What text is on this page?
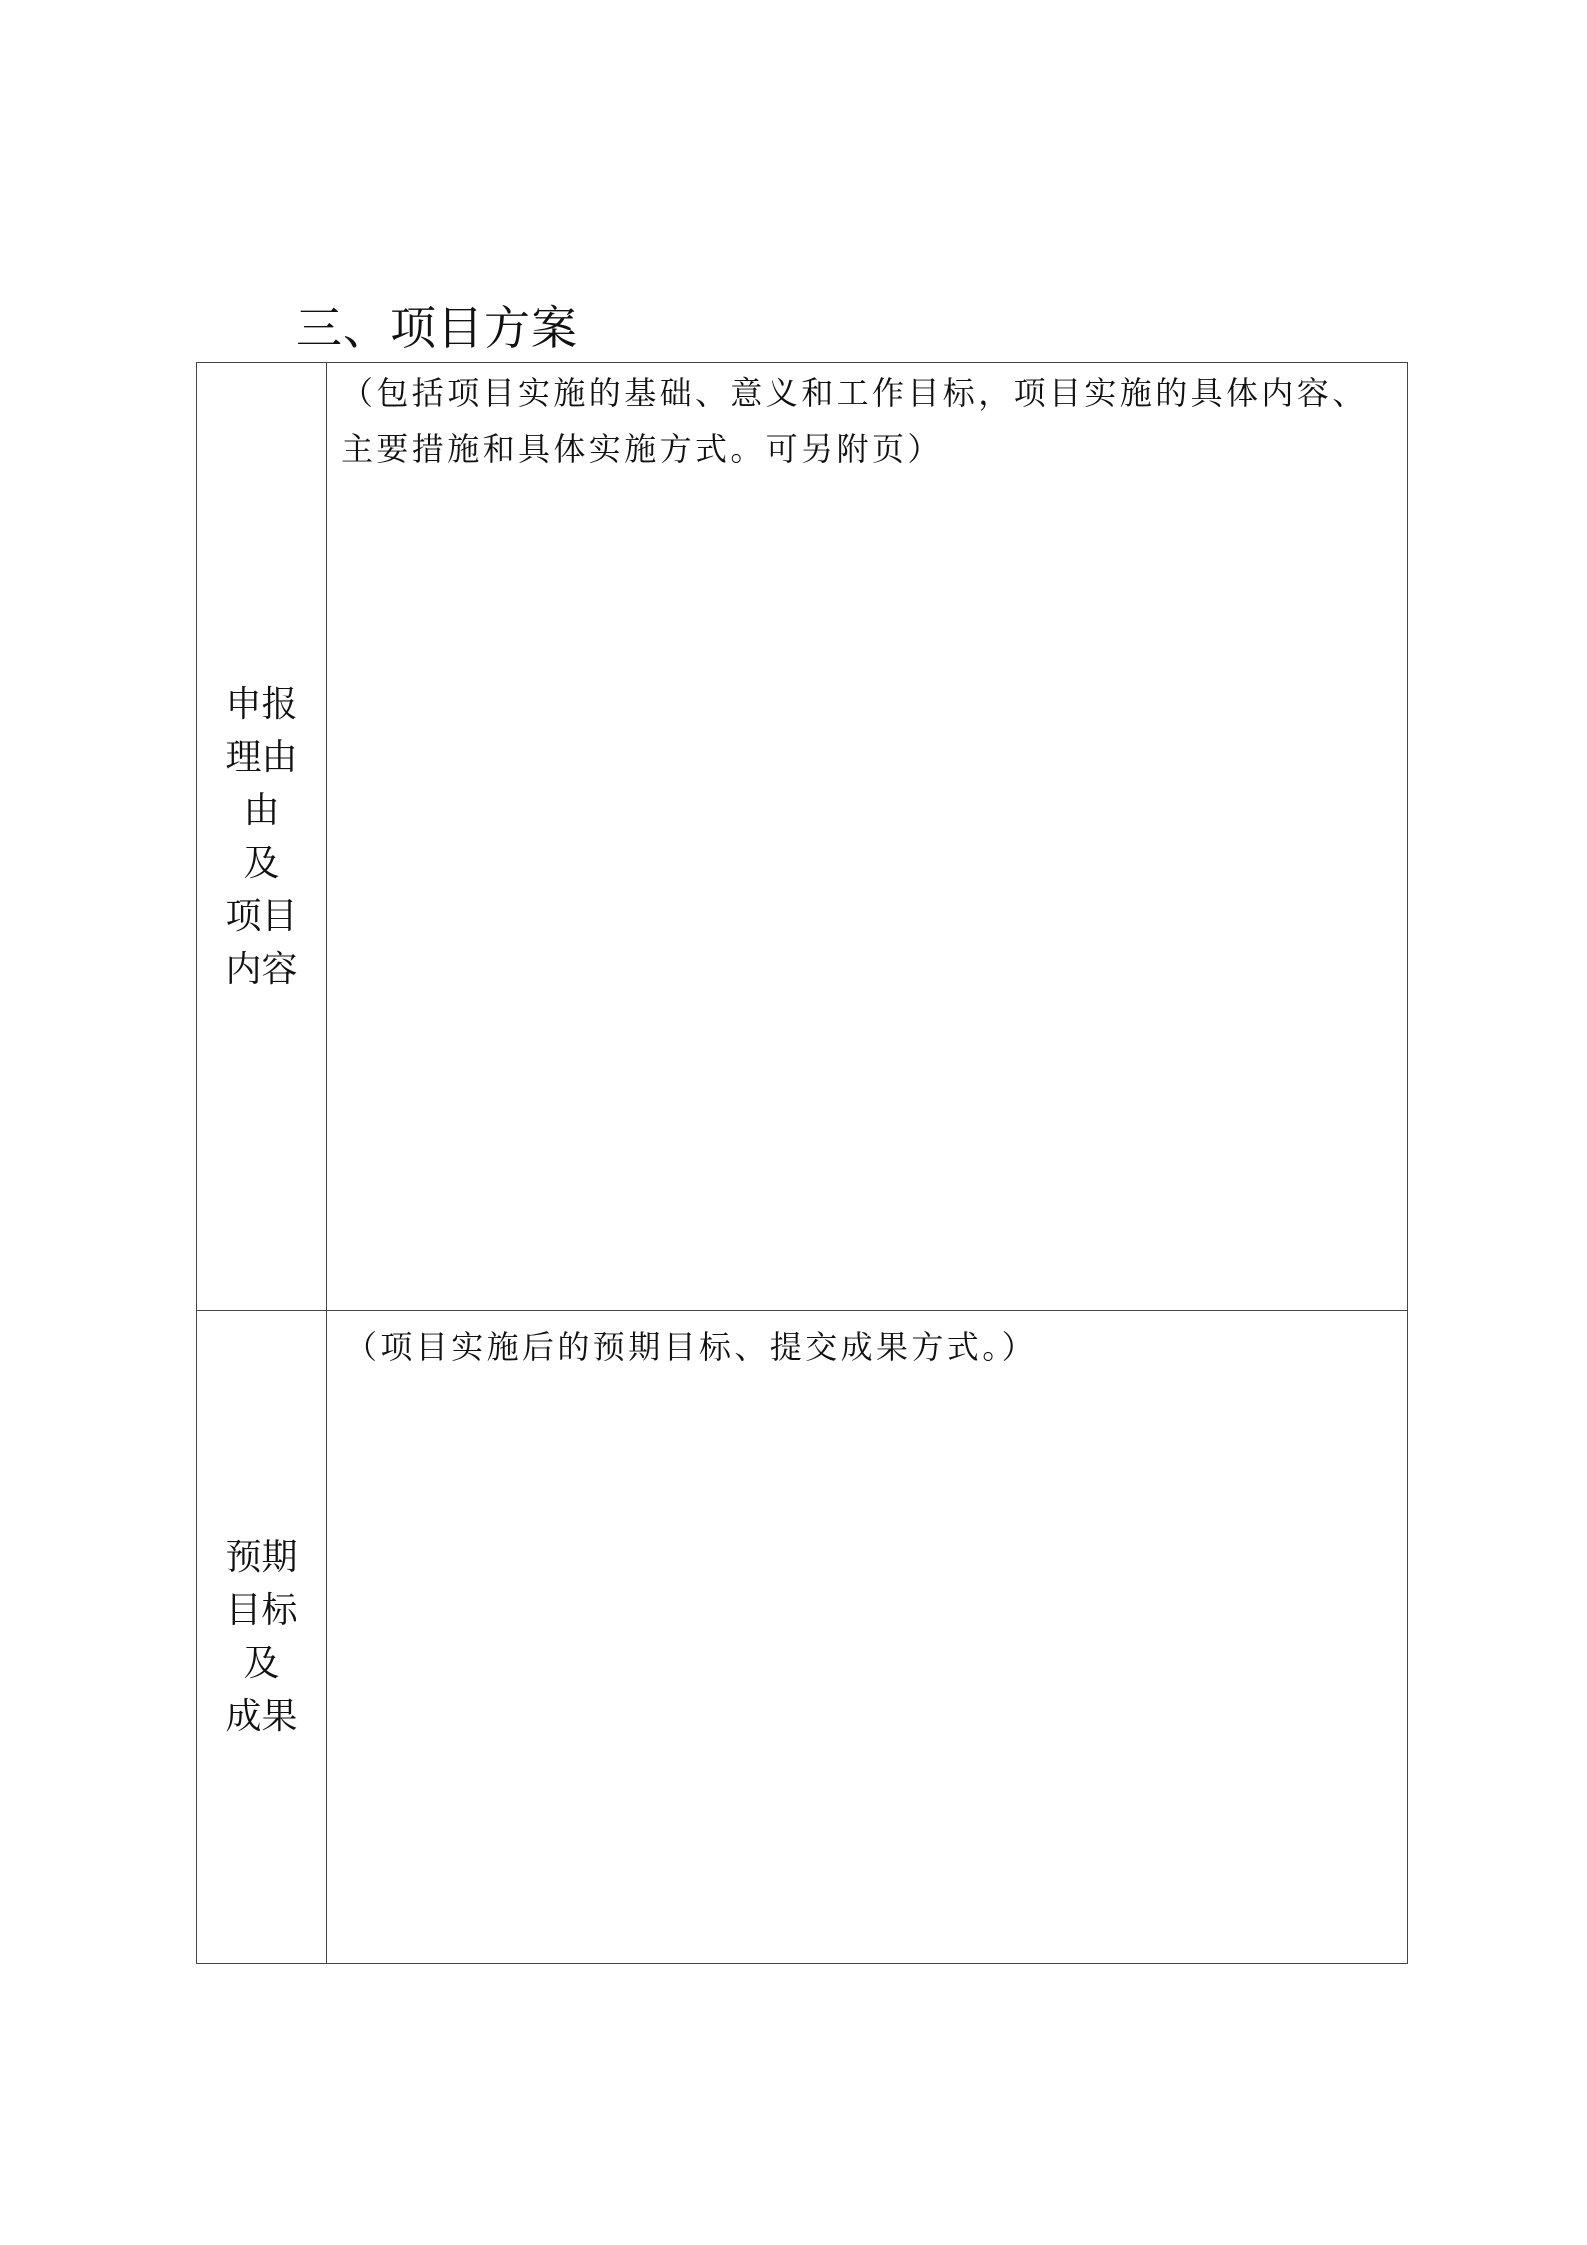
三、项目方案
申报
理由由
及
项目
内容
（包括项目实施的基础、意义和工作目标，项目实施的具体内容、
主要措施和具体实施方式。可另附页）
预期
目标
及
成果
（项目实施后的预期目标、提交成果方式。）
